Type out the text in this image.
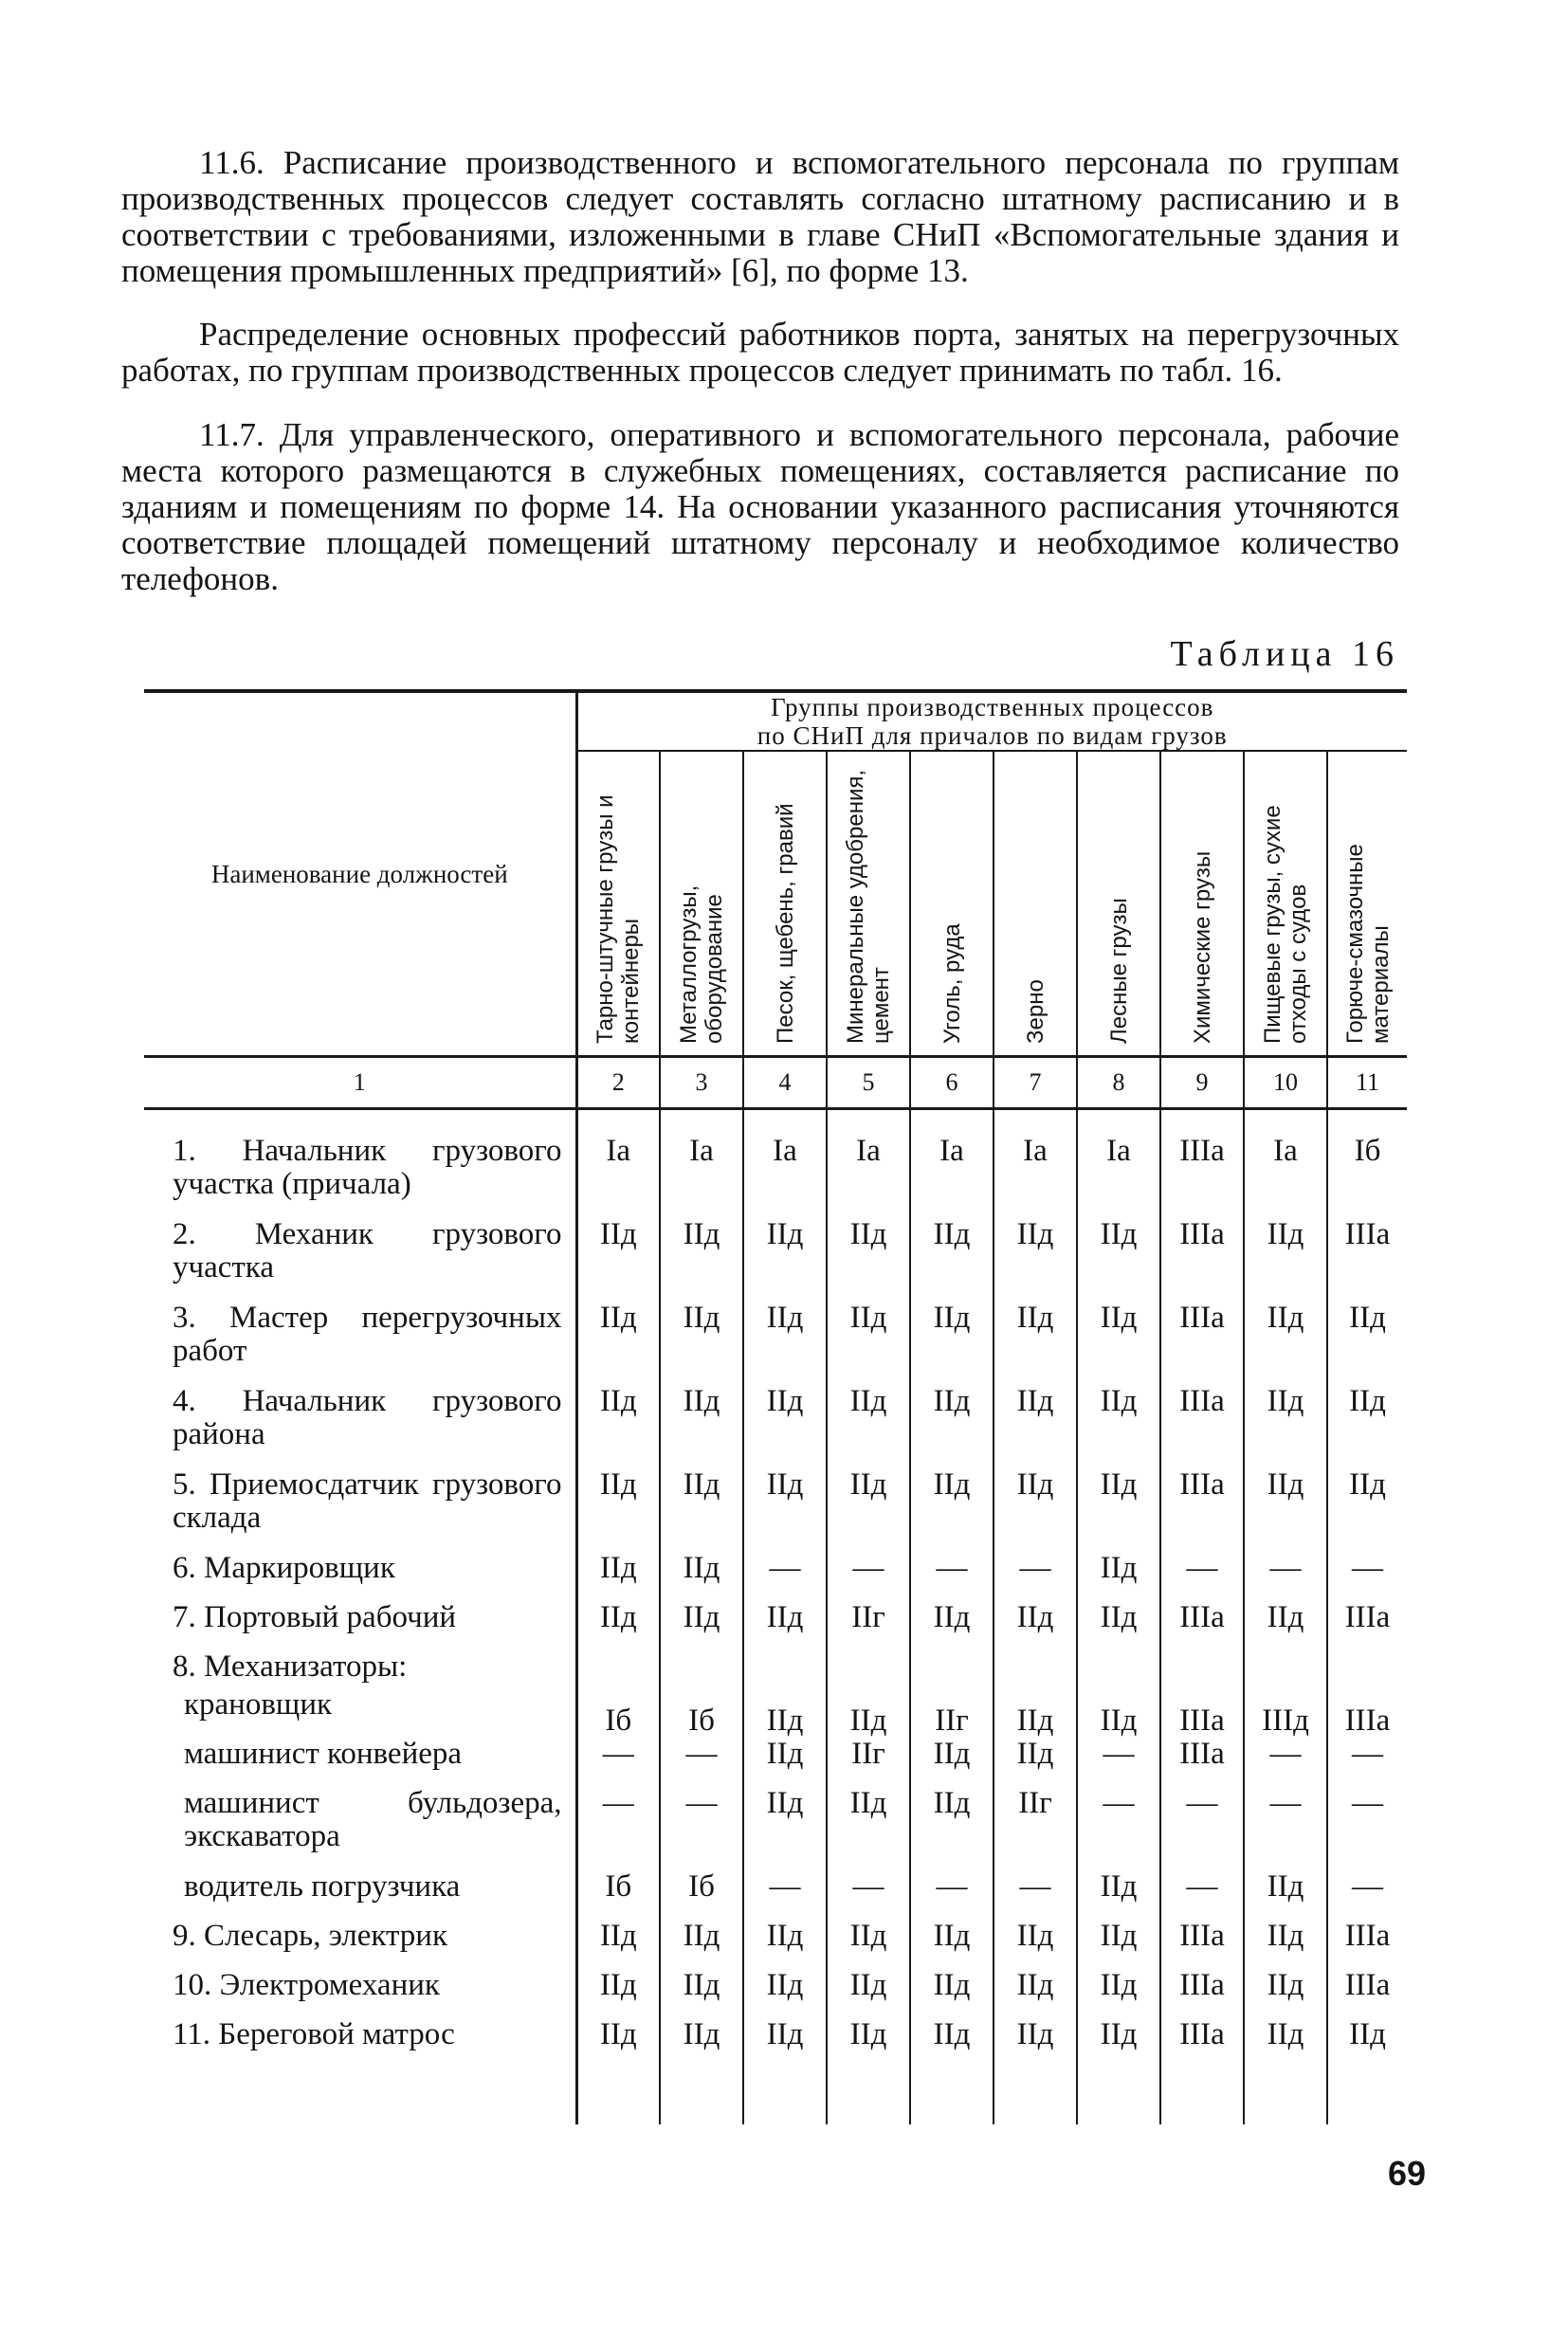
11.6. Расписание производственного и вспомогательного персонала по группам производственных процессов следует составлять согласно штатному расписанию и в соответствии с требованиями, изложенными в главе СНиП «Вспомогательные здания и помещения промышленных предприятий» [6], по форме 13.

Распределение основных профессий работников порта, занятых на перегрузочных работах, по группам производственных процессов следует принимать по табл. 16.

11.7. Для управленческого, оперативного и вспомогательного персонала, рабочие места которого размещаются в служебных помещениях, составляется расписание по зданиям и помещениям по форме 14. На основании указанного расписания уточняются соответствие площадей помещений штатному персоналу и необходимое количество телефонов.

Таблица 16

Наименование должностей	Группы производственных процессов
по СНиП для причалов по видам грузов									

	Тарно-штучные грузы и контейнеры	Металлогрузы, оборудование	Песок, щебень, гравий	Минеральные удобрения, цемент	Уголь, руда	Зерно	Лесные грузы	Химические грузы	Пищевые грузы, сухие отходы с судов	Горюче-смазочные материалы

1	2	3	4	5	6	7	8	9	10	11

1. Начальник грузового участка (причала)	Iа	Iа	Iа	Iа	Iа	Iа	Iа	IIIа	Iа	Iб
2. Механик грузового участка	IIд	IIд	IIд	IIд	IIд	IIд	IIд	IIIа	IIд	IIIа
3. Мастер перегрузочных работ	IIд	IIд	IIд	IIд	IIд	IIд	IIд	IIIа	IIд	IIд
4. Начальник грузового района	IIд	IIд	IIд	IIд	IIд	IIд	IIд	IIIа	IIд	IIд
5. Приемосдатчик грузового склада	IIд	IIд	IIд	IIд	IIд	IIд	IIд	IIIа	IIд	IIд
6. Маркировщик	IIд	IIд	—	—	—	—	IIд	—	—	—
7. Портовый рабочий	IIд	IIд	IIд	IIг	IIд	IIд	IIд	IIIа	IIд	IIIа
8. Механизаторы:										
крановщик	Iб	Iб	IIд	IIд	IIг	IIд	IIд	IIIа	IIIд	IIIа
машинист конвейера	—	—	IIд	IIг	IIд	IIд	—	IIIа	—	—
машинист бульдозера, экскаватора	—	—	IIд	IIд	IIд	IIг	—	—	—	—
водитель погрузчика	Iб	Iб	—	—	—	—	IIд	—	IIд	—
9. Слесарь, электрик	IIд	IIд	IIд	IIд	IIд	IIд	IIд	IIIа	IIд	IIIа
10. Электромеханик	IIд	IIд	IIд	IIд	IIд	IIд	IIд	IIIа	IIд	IIIа
11. Береговой матрос	IIд	IIд	IIд	IIд	IIд	IIд	IIд	IIIа	IIд	IIд

69
